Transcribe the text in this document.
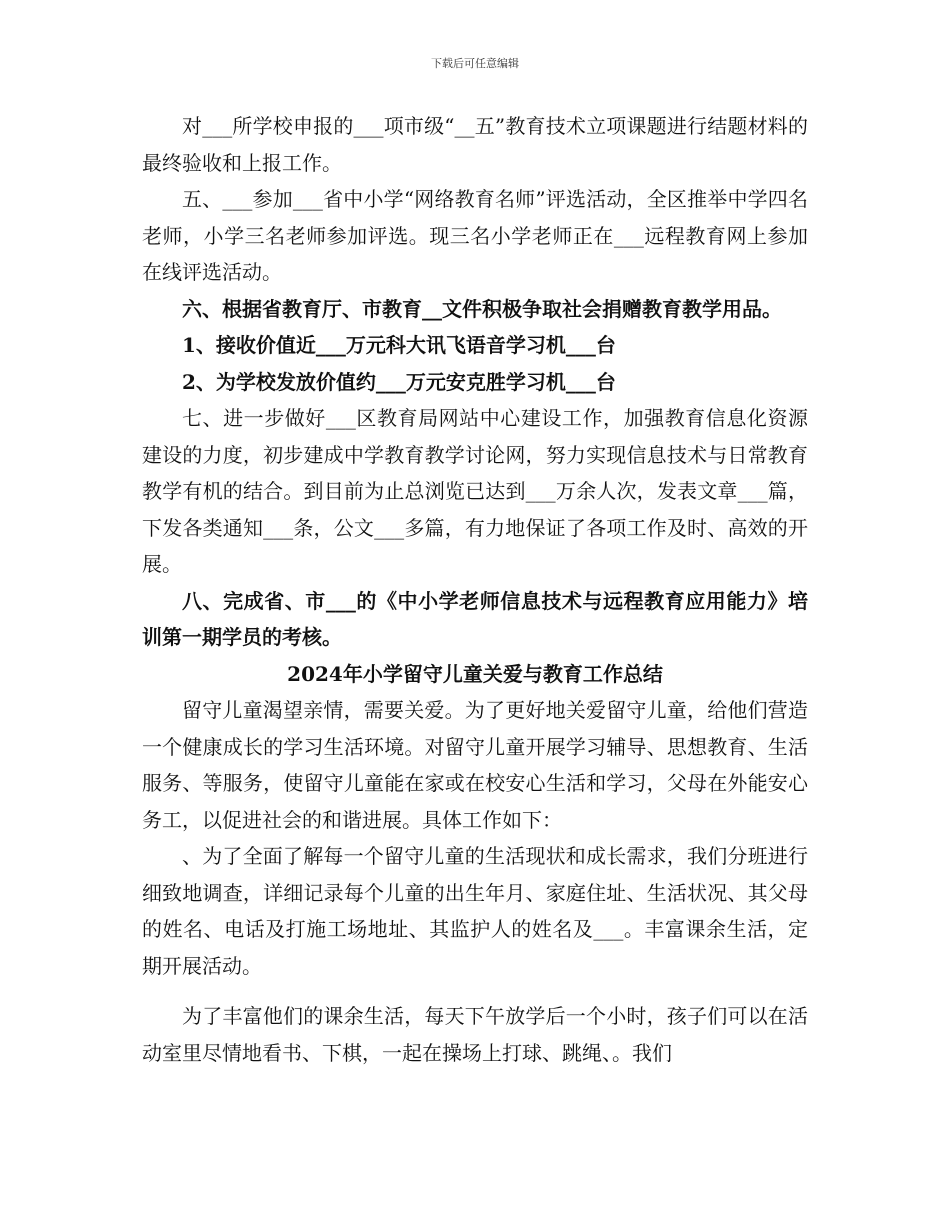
下载后可任意编辑

对___所学校申报的___项市级“__五”教育技术立项课题进行结题材料的最终验收和上报工作。

五、___参加___省中小学“网络教育名师”评选活动，全区推举中学四名老师，小学三名老师参加评选。现三名小学老师正在___远程教育网上参加在线评选活动。

六、根据省教育厅、市教育__文件积极争取社会捐赠教育教学用品。

1、接收价值近___万元科大讯飞语音学习机___台

2、为学校发放价值约___万元安克胜学习机___台

七、进一步做好___区教育局网站中心建设工作，加强教育信息化资源建设的力度，初步建成中学教育教学讨论网，努力实现信息技术与日常教育教学有机的结合。到目前为止总浏览已达到___万余人次，发表文章___篇，下发各类通知___条，公文___多篇，有力地保证了各项工作及时、高效的开展。

八、完成省、市___的《中小学老师信息技术与远程教育应用能力》培训第一期学员的考核。

2024年小学留守儿童关爱与教育工作总结

留守儿童渴望亲情，需要关爱。为了更好地关爱留守儿童，给他们营造一个健康成长的学习生活环境。对留守儿童开展学习辅导、思想教育、生活服务、等服务，使留守儿童能在家或在校安心生活和学习，父母在外能安心务工，以促进社会的和谐进展。具体工作如下：

、为了全面了解每一个留守儿童的生活现状和成长需求，我们分班进行细致地调查，详细记录每个儿童的出生年月、家庭住址、生活状况、其父母的姓名、电话及打施工场地址、其监护人的姓名及___。丰富课余生活，定期开展活动。

为了丰富他们的课余生活，每天下午放学后一个小时，孩子们可以在活动室里尽情地看书、下棋，一起在操场上打球、跳绳、。我们
